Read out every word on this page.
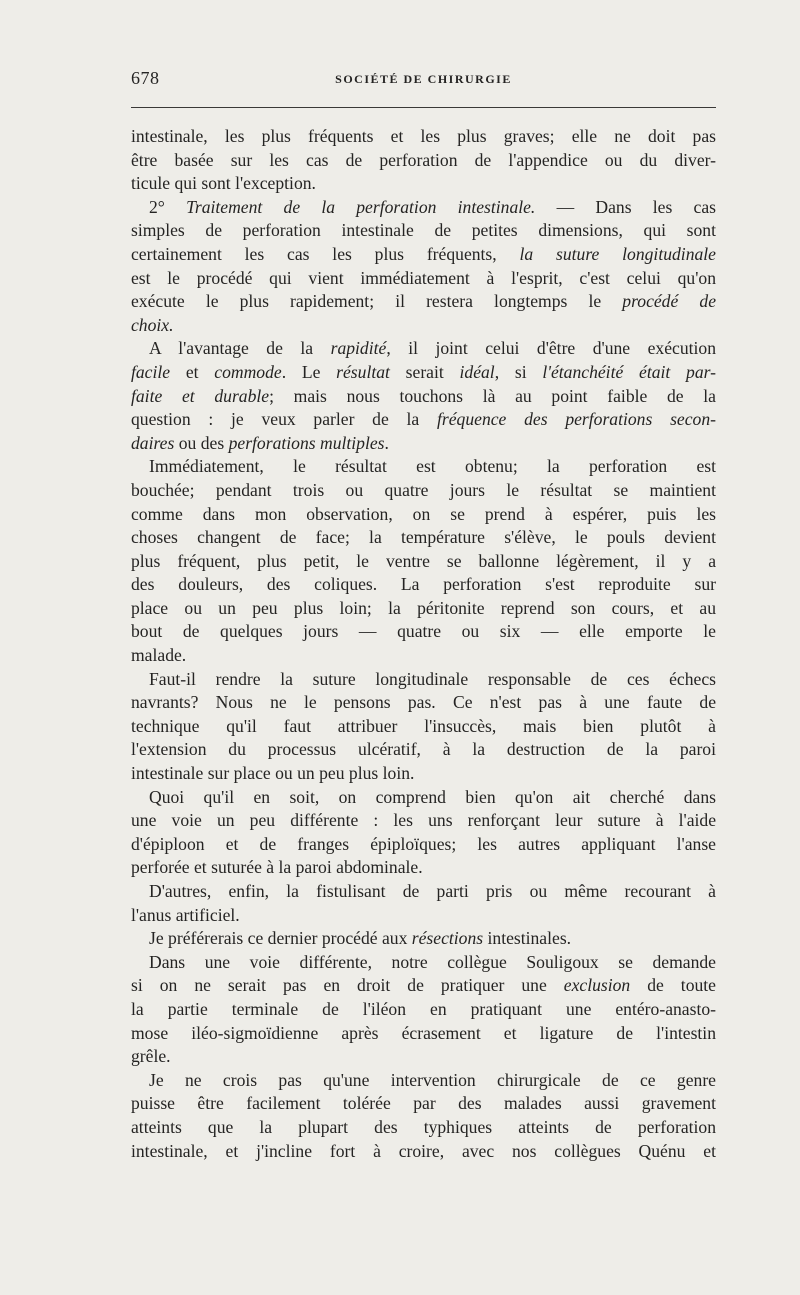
678	SOCIÉTÉ DE CHIRURGIE
intestinale, les plus fréquents et les plus graves; elle ne doit pas
être basée sur les cas de perforation de l'appendice ou du diver-
ticule qui sont l'exception.
2° Traitement de la perforation intestinale. — Dans les cas
simples de perforation intestinale de petites dimensions, qui sont
certainement les cas les plus fréquents, la suture longitudinale
est le procédé qui vient immédiatement à l'esprit, c'est celui qu'on
exécute le plus rapidement; il restera longtemps le procédé de
choix.
A l'avantage de la rapidité, il joint celui d'être d'une exécution
facile et commode. Le résultat serait idéal, si l'étanchéité était par-
faite et durable; mais nous touchons là au point faible de la
question : je veux parler de la fréquence des perforations secon-
daires ou des perforations multiples.
Immédiatement, le résultat est obtenu; la perforation est
bouchée; pendant trois ou quatre jours le résultat se maintient
comme dans mon observation, on se prend à espérer, puis les
choses changent de face; la température s'élève, le pouls devient
plus fréquent, plus petit, le ventre se ballonne légèrement, il y a
des douleurs, des coliques. La perforation s'est reproduite sur
place ou un peu plus loin; la péritonite reprend son cours, et au
bout de quelques jours — quatre ou six — elle emporte le
malade.
Faut-il rendre la suture longitudinale responsable de ces échecs
navrants? Nous ne le pensons pas. Ce n'est pas à une faute de
technique qu'il faut attribuer l'insuccès, mais bien plutôt à
l'extension du processus ulcératif, à la destruction de la paroi
intestinale sur place ou un peu plus loin.
Quoi qu'il en soit, on comprend bien qu'on ait cherché dans
une voie un peu différente : les uns renforçant leur suture à l'aide
d'épiploon et de franges épiploïques; les autres appliquant l'anse
perforée et suturée à la paroi abdominale.
D'autres, enfin, la fistulisant de parti pris ou même recourant à
l'anus artificiel.
Je préférerais ce dernier procédé aux résections intestinales.
Dans une voie différente, notre collègue Souligoux se demande
si on ne serait pas en droit de pratiquer une exclusion de toute
la partie terminale de l'iléon en pratiquant une entéro-anasto-
mose iléo-sigmoïdienne après écrasement et ligature de l'intestin
grêle.
Je ne crois pas qu'une intervention chirurgicale de ce genre
puisse être facilement tolérée par des malades aussi gravement
atteints que la plupart des typhiques atteints de perforation
intestinale, et j'incline fort à croire, avec nos collègues Quénu et
